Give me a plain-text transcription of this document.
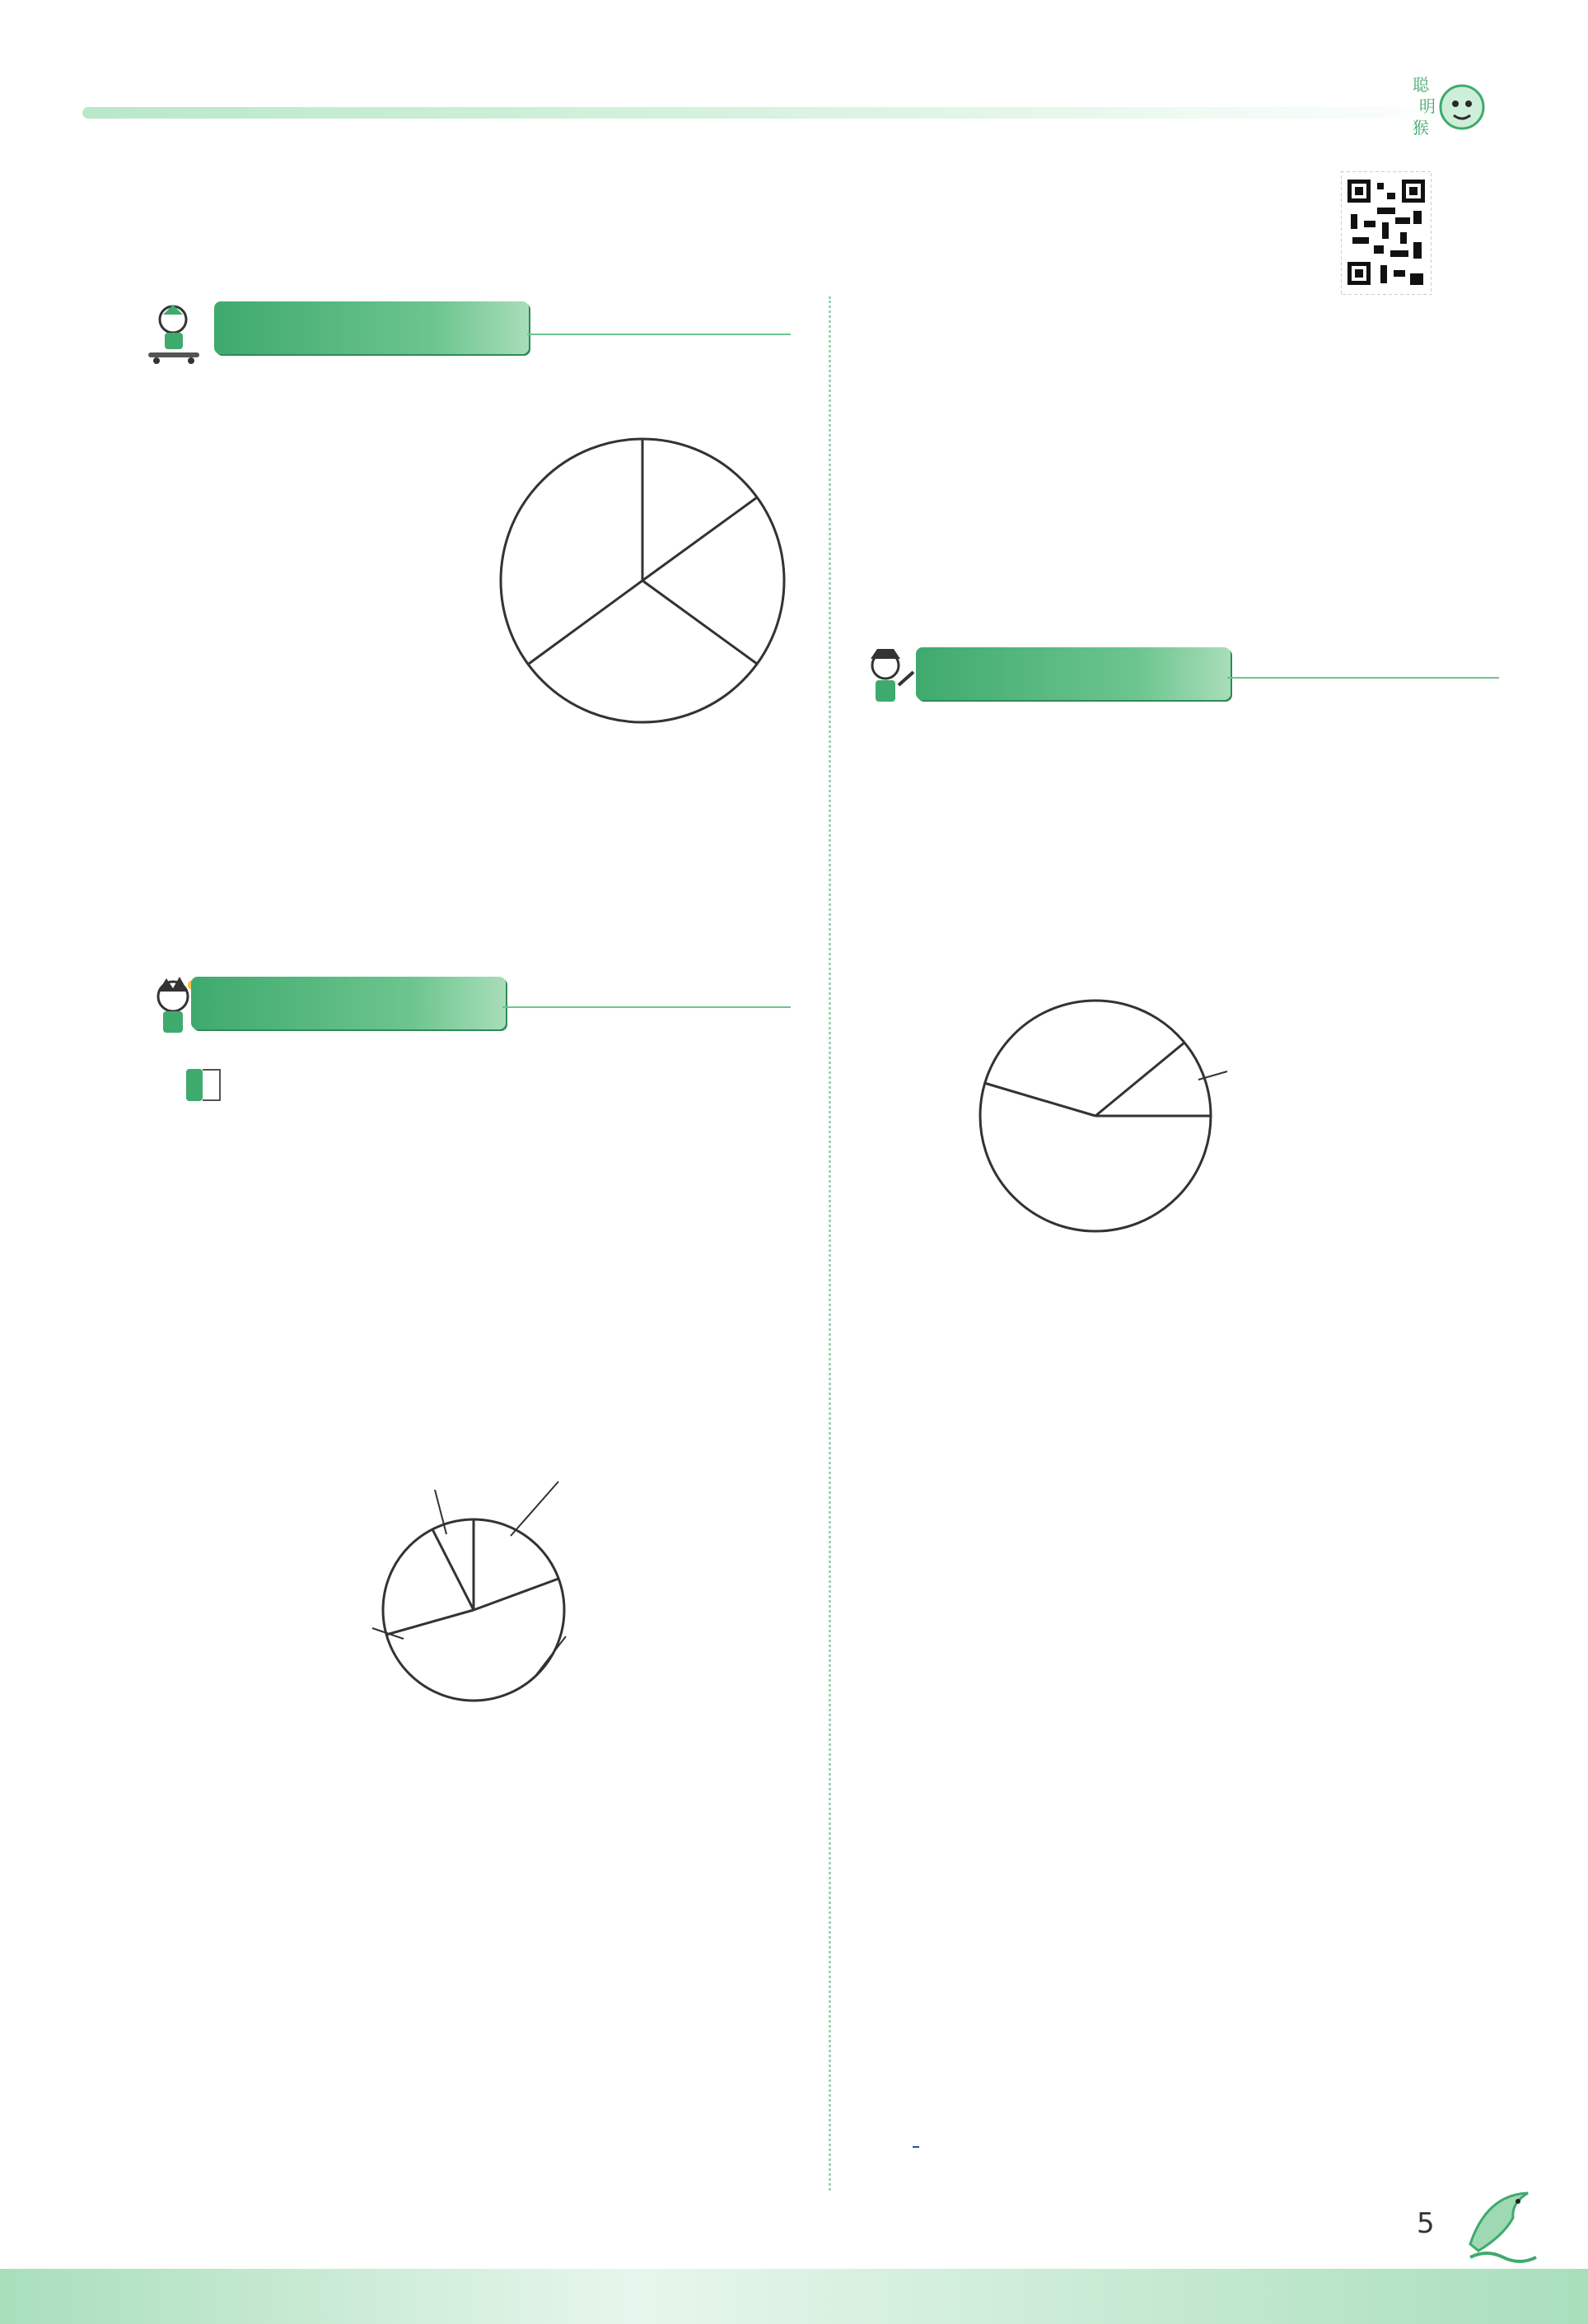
聪
明
猴
5
